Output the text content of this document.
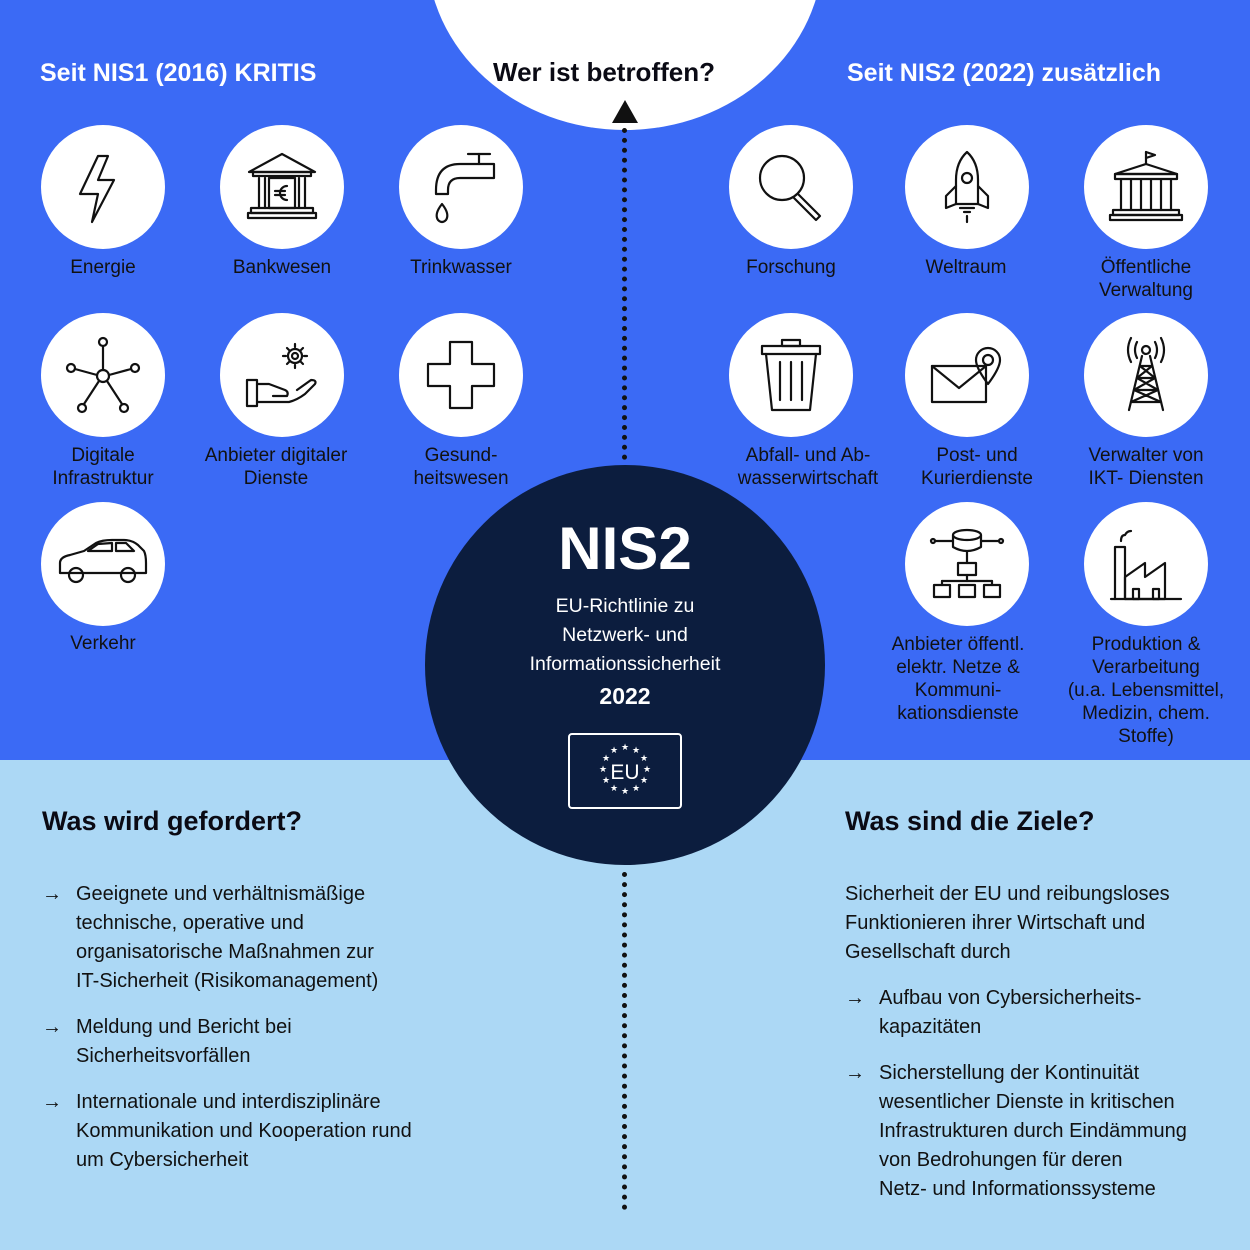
Seit NIS1 (2016) KRITIS	Wer ist betroffen?	Seit NIS2 (2022) zusätzlich
Energie	Bankwesen	Trinkwasser
Digitale
Infrastruktur
Anbieter digitaler
Dienste
Gesund-
heitswesen
Verkehr
Forschung	Weltraum	Öffentliche
Verwaltung
Abfall- und Ab-
wasserwirtschaft
Post- und
Kurierdienste
Verwalter von
IKT- Diensten
Anbieter öffentl.
elektr. Netze &
Kommuni-
kationsdienste
Produktion &
Verarbeitung
(u.a. Lebensmittel,
Medizin, chem.
Stoffe)
NIS2
EU-Richtlinie zu
Netzwerk- und
Informationssicherheit
2022
★ ★
★
★
★
★
★
★
★
★
★
★
EU
Was wird gefordert?
→ Geeignete und verhältnismäßige
technische, operative und
organisatorische Maßnahmen zur
IT-Sicherheit (Risikomanagement)
→ Meldung und Bericht bei
Sicherheitsvorfällen
→ Internationale und interdisziplinäre
Kommunikation und Kooperation rund
um Cybersicherheit
Was sind die Ziele?
Sicherheit der EU und reibungsloses
Funktionieren ihrer Wirtschaft und
Gesellschaft durch
→ Aufbau von Cybersicherheits-
kapazitäten
→ Sicherstellung der Kontinuität
wesentlicher Dienste in kritischen
Infrastrukturen durch Eindämmung
von Bedrohungen für deren
Netz- und Informationssysteme
